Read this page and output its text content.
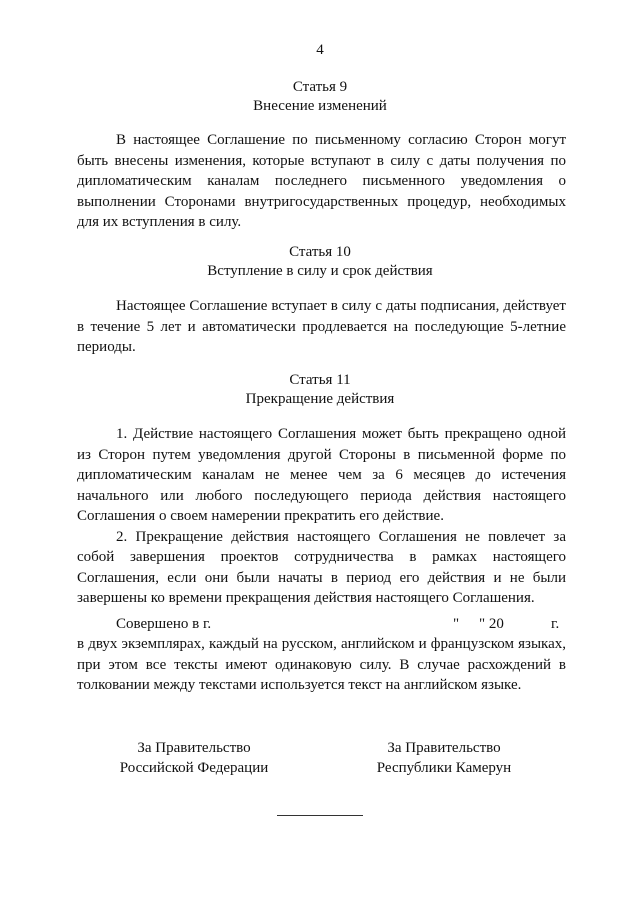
4
Статья 9
Внесение изменений

В настоящее Соглашение по письменному согласию Сторон могут быть внесены изменения, которые вступают в силу с даты получения по дипломатическим каналам последнего письменного уведомления о выполнении Сторонами внутригосударственных процедур, необходимых для их вступления в силу.

Статья 10
Вступление в силу и срок действия

Настоящее Соглашение вступает в силу с даты подписания, действует в течение 5 лет и автоматически продлевается на последующие 5-летние периоды.

Статья 11
Прекращение действия

1. Действие настоящего Соглашения может быть прекращено одной из Сторон путем уведомления другой Стороны в письменной форме по дипломатическим каналам не менее чем за 6 месяцев до истечения начального или любого последующего периода действия настоящего Соглашения о своем намерении прекратить его действие.

2. Прекращение действия настоящего Соглашения не повлечет за собой завершения проектов сотрудничества в рамках настоящего Соглашения, если они были начаты в период его действия и не были завершены ко времени прекращения действия настоящего Соглашения.

Совершено в г.	" " 20	г.

в двух экземплярах, каждый на русском, английском и французском языках, при этом все тексты имеют одинаковую силу. В случае расхождений в толковании между текстами используется текст на английском языке.

За Правительство
Российской Федерации
За Правительство
Республики Камерун
